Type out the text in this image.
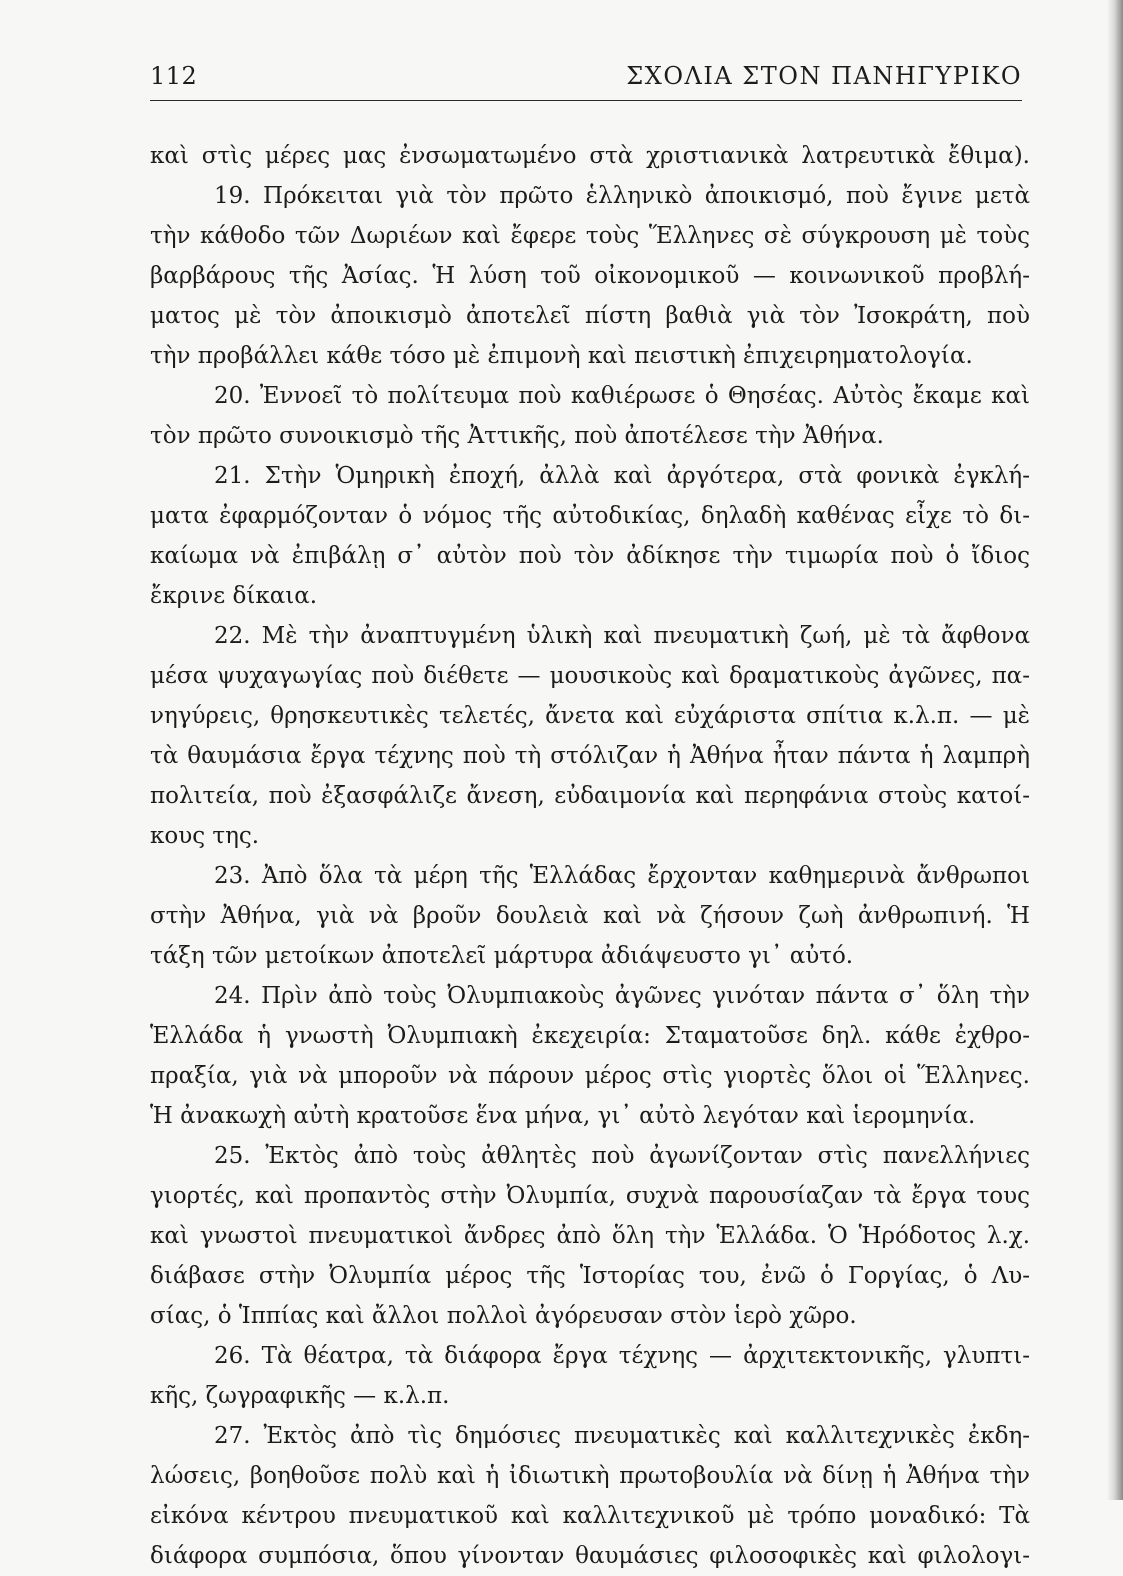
112	ΣΧΟΛΙΑ ΣΤΟΝ ΠΑΝΗΓΥΡΙΚΟ
καὶ στὶς μέρες μας ἐνσωματωμένο στὰ χριστιανικὰ λατρευτικὰ ἔθιμα).
19. Πρόκειται γιὰ τὸν πρῶτο ἑλληνικὸ ἀποικισμό, ποὺ ἔγινε μετὰ
τὴν κάθοδο τῶν Δωριέων καὶ ἔφερε τοὺς Ἕλληνες σὲ σύγκρουση μὲ τοὺς
βαρβάρους τῆς Ἀσίας. Ἡ λύση τοῦ οἰκονομικοῦ — κοινωνικοῦ προβλή-
ματος μὲ τὸν ἀποικισμὸ ἀποτελεῖ πίστη βαθιὰ γιὰ τὸν Ἰσοκράτη, ποὺ
τὴν προβάλλει κάθε τόσο μὲ ἐπιμονὴ καὶ πειστικὴ ἐπιχειρηματολογία.
20. Ἐννοεῖ τὸ πολίτευμα ποὺ καθιέρωσε ὁ Θησέας. Αὐτὸς ἔκαμε καὶ
τὸν πρῶτο συνοικισμὸ τῆς Ἀττικῆς, ποὺ ἀποτέλεσε τὴν Ἀθήνα.
21. Στὴν Ὁμηρικὴ ἐποχή, ἀλλὰ καὶ ἀργότερα, στὰ φονικὰ ἐγκλή-
ματα ἐφαρμόζονταν ὁ νόμος τῆς αὐτοδικίας, δηλαδὴ καθένας εἶχε τὸ δι-
καίωμα νὰ ἐπιβάλῃ σ᾽ αὐτὸν ποὺ τὸν ἀδίκησε τὴν τιμωρία ποὺ ὁ ἴδιος
ἔκρινε δίκαια.
22. Μὲ τὴν ἀναπτυγμένη ὑλικὴ καὶ πνευματικὴ ζωή, μὲ τὰ ἄφθονα
μέσα ψυχαγωγίας ποὺ διέθετε — μουσικοὺς καὶ δραματικοὺς ἀγῶνες, πα-
νηγύρεις, θρησκευτικὲς τελετές, ἄνετα καὶ εὐχάριστα σπίτια κ.λ.π. — μὲ
τὰ θαυμάσια ἔργα τέχνης ποὺ τὴ στόλιζαν ἡ Ἀθήνα ἦταν πάντα ἡ λαμπρὴ
πολιτεία, ποὺ ἐξασφάλιζε ἄνεση, εὐδαιμονία καὶ περηφάνια στοὺς κατοί-
κους της.
23. Ἀπὸ ὅλα τὰ μέρη τῆς Ἑλλάδας ἔρχονταν καθημερινὰ ἄνθρωποι
στὴν Ἀθήνα, γιὰ νὰ βροῦν δουλειὰ καὶ νὰ ζήσουν ζωὴ ἀνθρωπινή. Ἡ
τάξη τῶν μετοίκων ἀποτελεῖ μάρτυρα ἀδιάψευστο γι᾽ αὐτό.
24. Πρὶν ἀπὸ τοὺς Ὀλυμπιακοὺς ἀγῶνες γινόταν πάντα σ᾽ ὅλη τὴν
Ἑλλάδα ἡ γνωστὴ Ὀλυμπιακὴ ἐκεχειρία: Σταματοῦσε δηλ. κάθε ἐχθρο-
πραξία, γιὰ νὰ μποροῦν νὰ πάρουν μέρος στὶς γιορτὲς ὅλοι οἱ Ἕλληνες.
Ἡ ἀνακωχὴ αὐτὴ κρατοῦσε ἕνα μήνα, γι᾽ αὐτὸ λεγόταν καὶ ἱερομηνία.
25. Ἐκτὸς ἀπὸ τοὺς ἀθλητὲς ποὺ ἀγωνίζονταν στὶς πανελλήνιες
γιορτές, καὶ προπαντὸς στὴν Ὀλυμπία, συχνὰ παρουσίαζαν τὰ ἔργα τους
καὶ γνωστοὶ πνευματικοὶ ἄνδρες ἀπὸ ὅλη τὴν Ἑλλάδα. Ὁ Ἡρόδοτος λ.χ.
διάβασε στὴν Ὀλυμπία μέρος τῆς Ἱστορίας του, ἐνῶ ὁ Γοργίας, ὁ Λυ-
σίας, ὁ Ἱππίας καὶ ἄλλοι πολλοὶ ἀγόρευσαν στὸν ἱερὸ χῶρο.
26. Τὰ θέατρα, τὰ διάφορα ἔργα τέχνης — ἀρχιτεκτονικῆς, γλυπτι-
κῆς, ζωγραφικῆς — κ.λ.π.
27. Ἐκτὸς ἀπὸ τὶς δημόσιες πνευματικὲς καὶ καλλιτεχνικὲς ἐκδη-
λώσεις, βοηθοῦσε πολὺ καὶ ἡ ἰδιωτικὴ πρωτοβουλία νὰ δίνῃ ἡ Ἀθήνα τὴν
εἰκόνα κέντρου πνευματικοῦ καὶ καλλιτεχνικοῦ μὲ τρόπο μοναδικό: Τὰ
διάφορα συμπόσια, ὅπου γίνονταν θαυμάσιες φιλοσοφικὲς καὶ φιλολογι-
